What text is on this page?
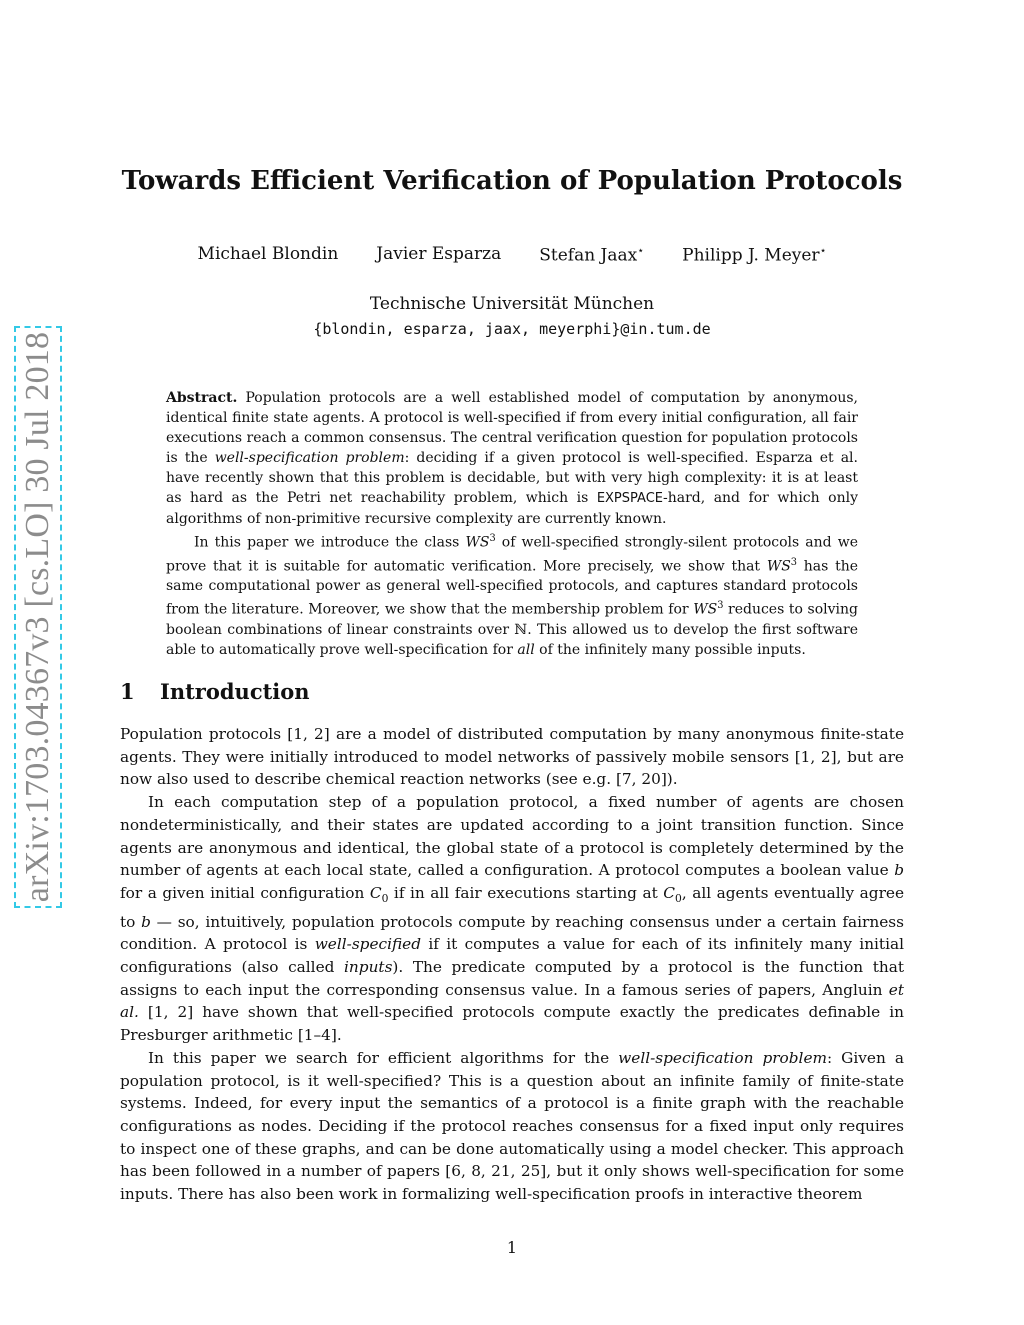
arXiv:1703.04367v3 [cs.LO] 30 Jul 2018
Towards Efficient Verification of Population Protocols
Michael Blondin Javier Esparza Stefan Jaax⋆ Philipp J. Meyer⋆
Technische Universität München
{blondin, esparza, jaax, meyerphi}@in.tum.de

Abstract. Population protocols are a well established model of computation by anonymous, identical finite state agents. A protocol is well-specified if from every initial configuration, all fair executions reach a common consensus. The central verification question for population protocols is the well-specification problem: deciding if a given protocol is well-specified. Esparza et al. have recently shown that this problem is decidable, but with very high complexity: it is at least as hard as the Petri net reachability problem, which is EXPSPACE-hard, and for which only algorithms of non-primitive recursive complexity are currently known.

In this paper we introduce the class $WS^3$ of well-specified strongly-silent protocols and we prove that it is suitable for automatic verification. More precisely, we show that $WS^3$ has the same computational power as general well-specified protocols, and captures standard protocols from the literature. Moreover, we show that the membership problem for $WS^3$ reduces to solving boolean combinations of linear constraints over ℕ. This allowed us to develop the first software able to automatically prove well-specification for all of the infinitely many possible inputs.

1 Introduction

Population protocols [1, 2] are a model of distributed computation by many anonymous finite-state agents. They were initially introduced to model networks of passively mobile sensors [1, 2], but are now also used to describe chemical reaction networks (see e.g. [7, 20]).

In each computation step of a population protocol, a fixed number of agents are chosen nondeterministically, and their states are updated according to a joint transition function. Since agents are anonymous and identical, the global state of a protocol is completely determined by the number of agents at each local state, called a configuration. A protocol computes a boolean value b for a given initial configuration $C_0$ if in all fair executions starting at $C_0$, all agents eventually agree to b — so, intuitively, population protocols compute by reaching consensus under a certain fairness condition. A protocol is well-specified if it computes a value for each of its infinitely many initial configurations (also called inputs). The predicate computed by a protocol is the function that assigns to each input the corresponding consensus value. In a famous series of papers, Angluin et al. [1, 2] have shown that well-specified protocols compute exactly the predicates definable in Presburger arithmetic [1–4].

In this paper we search for efficient algorithms for the well-specification problem: Given a population protocol, is it well-specified? This is a question about an infinite family of finite-state systems. Indeed, for every input the semantics of a protocol is a finite graph with the reachable configurations as nodes. Deciding if the protocol reaches consensus for a fixed input only requires to inspect one of these graphs, and can be done automatically using a model checker. This approach has been followed in a number of papers [6, 8, 21, 25], but it only shows well-specification for some inputs. There has also been work in formalizing well-specification proofs in interactive theorem

1
